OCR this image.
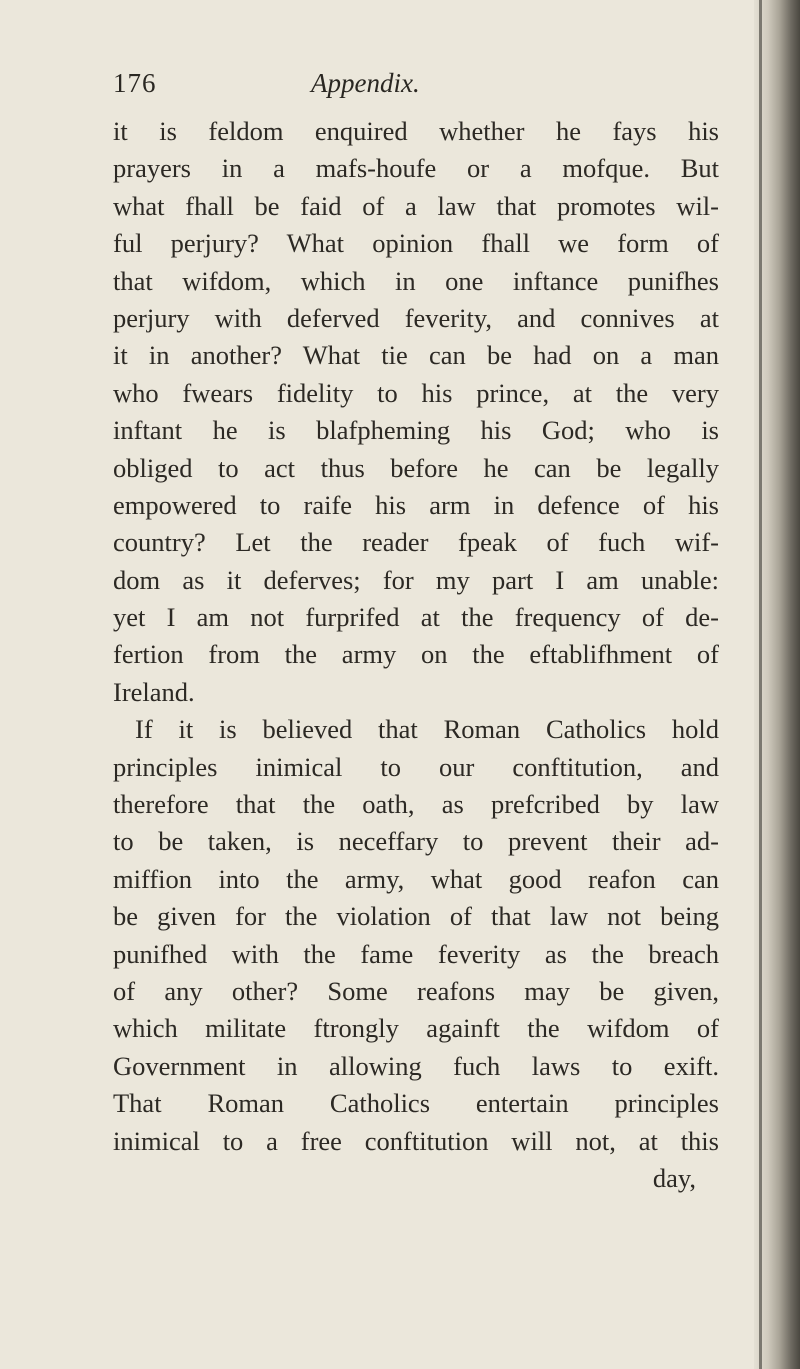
176	Appendix.
it is feldom enquired whether he fays his
prayers in a mafs-houfe or a mofque. But
what fhall be faid of a law that promotes wil-
ful perjury? What opinion fhall we form of
that wifdom, which in one inftance punifhes
perjury with deferved feverity, and connives at
it in another? What tie can be had on a man
who fwears fidelity to his prince, at the very
inftant he is blafpheming his God; who is
obliged to act thus before he can be legally
empowered to raife his arm in defence of his
country? Let the reader fpeak of fuch wif-
dom as it deferves; for my part I am unable:
yet I am not furprifed at the frequency of de-
fertion from the army on the eftablifhment of
Ireland.
If it is believed that Roman Catholics hold
principles inimical to our conftitution, and
therefore that the oath, as prefcribed by law
to be taken, is neceffary to prevent their ad-
miffion into the army, what good reafon can
be given for the violation of that law not being
punifhed with the fame feverity as the breach
of any other? Some reafons may be given,
which militate ftrongly againft the wifdom of
Government in allowing fuch laws to exift.
That Roman Catholics entertain principles
inimical to a free conftitution will not, at this
day,
